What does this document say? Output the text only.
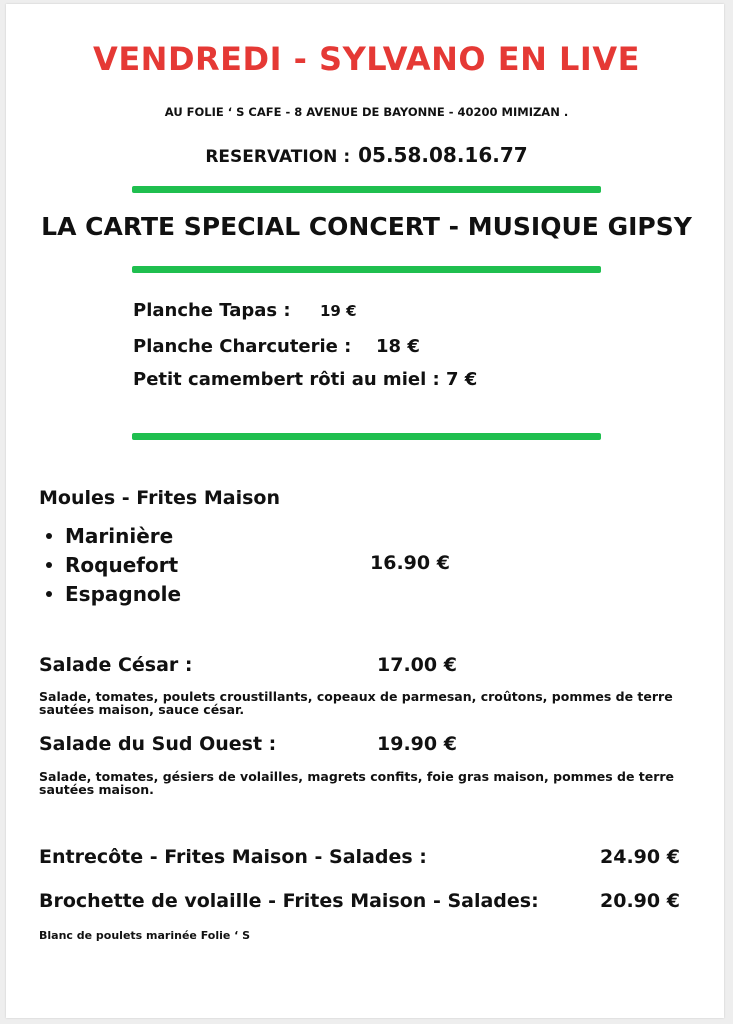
VENDREDI - SYLVANO EN LIVE
AU FOLIE ‘ S CAFE - 8 AVENUE DE BAYONNE - 40200 MIMIZAN .
RESERVATION : 05.58.08.16.77
LA CARTE SPECIAL CONCERT - MUSIQUE GIPSY
Planche Tapas : 19 €
Planche Charcuterie : 18 €
Petit camembert rôti au miel : 7 €
Moules - Frites Maison
Marinière
Roquefort
Espagnole
16.90 €
Salade César :	17.00 €
Salade, tomates, poulets croustillants, copeaux de parmesan, croûtons, pommes de terre sautées maison, sauce césar.
Salade du Sud Ouest :	19.90 €
Salade, tomates, gésiers de volailles, magrets confits, foie gras maison, pommes de terre sautées maison.
Entrecôte - Frites Maison - Salades :	24.90 €
Brochette de volaille - Frites Maison - Salades:	20.90 €
Blanc de poulets marinée Folie ‘ S
